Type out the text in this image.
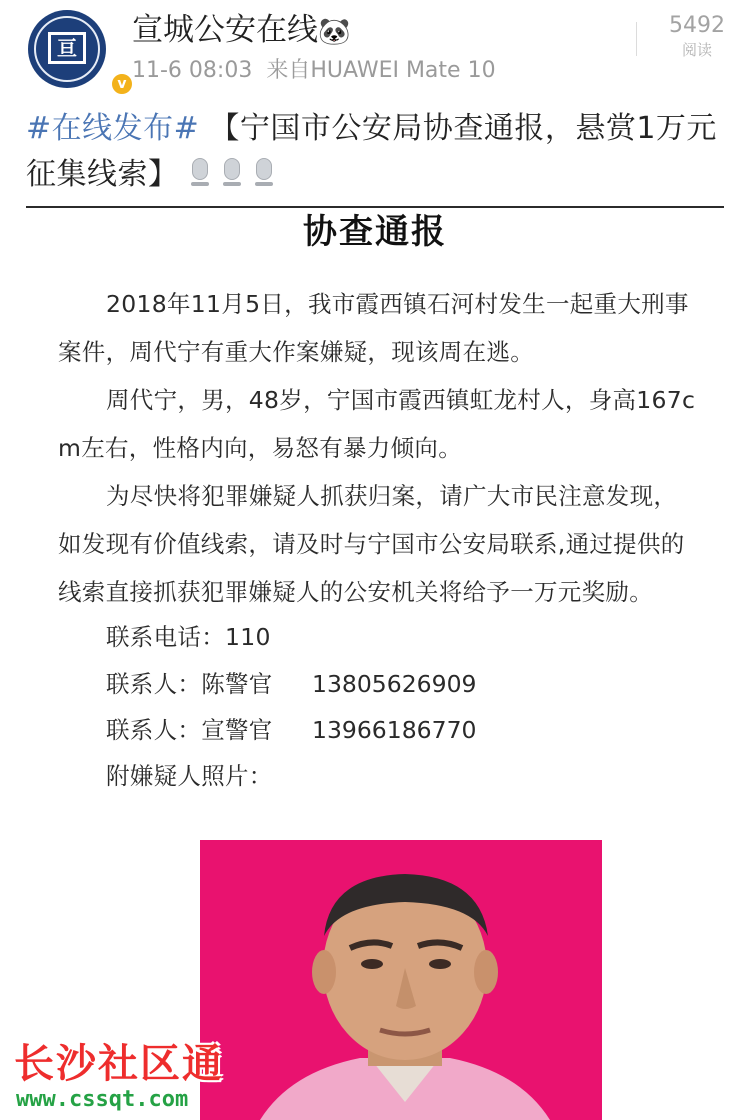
亘
v
宣城公安在线🐼
11-6 08:03 来自HUAWEI Mate 10
5492
阅读
#在线发布# 【宁国市公安局协查通报，悬赏1万元征集线索】
协查通报
2018年11月5日，我市霞西镇石河村发生一起重大刑事
案件，周代宁有重大作案嫌疑，现该周在逃。
周代宁，男，48岁，宁国市霞西镇虹龙村人，身高167c
m左右，性格内向，易怒有暴力倾向。
为尽快将犯罪嫌疑人抓获归案，请广大市民注意发现，
如发现有价值线索，请及时与宁国市公安局联系,通过提供的
线索直接抓获犯罪嫌疑人的公安机关将给予一万元奖励。
联系电话：110
联系人：陈警官 13805626909
联系人：宣警官 13966186770
附嫌疑人照片：
长沙社区通
www.cssqt.com
